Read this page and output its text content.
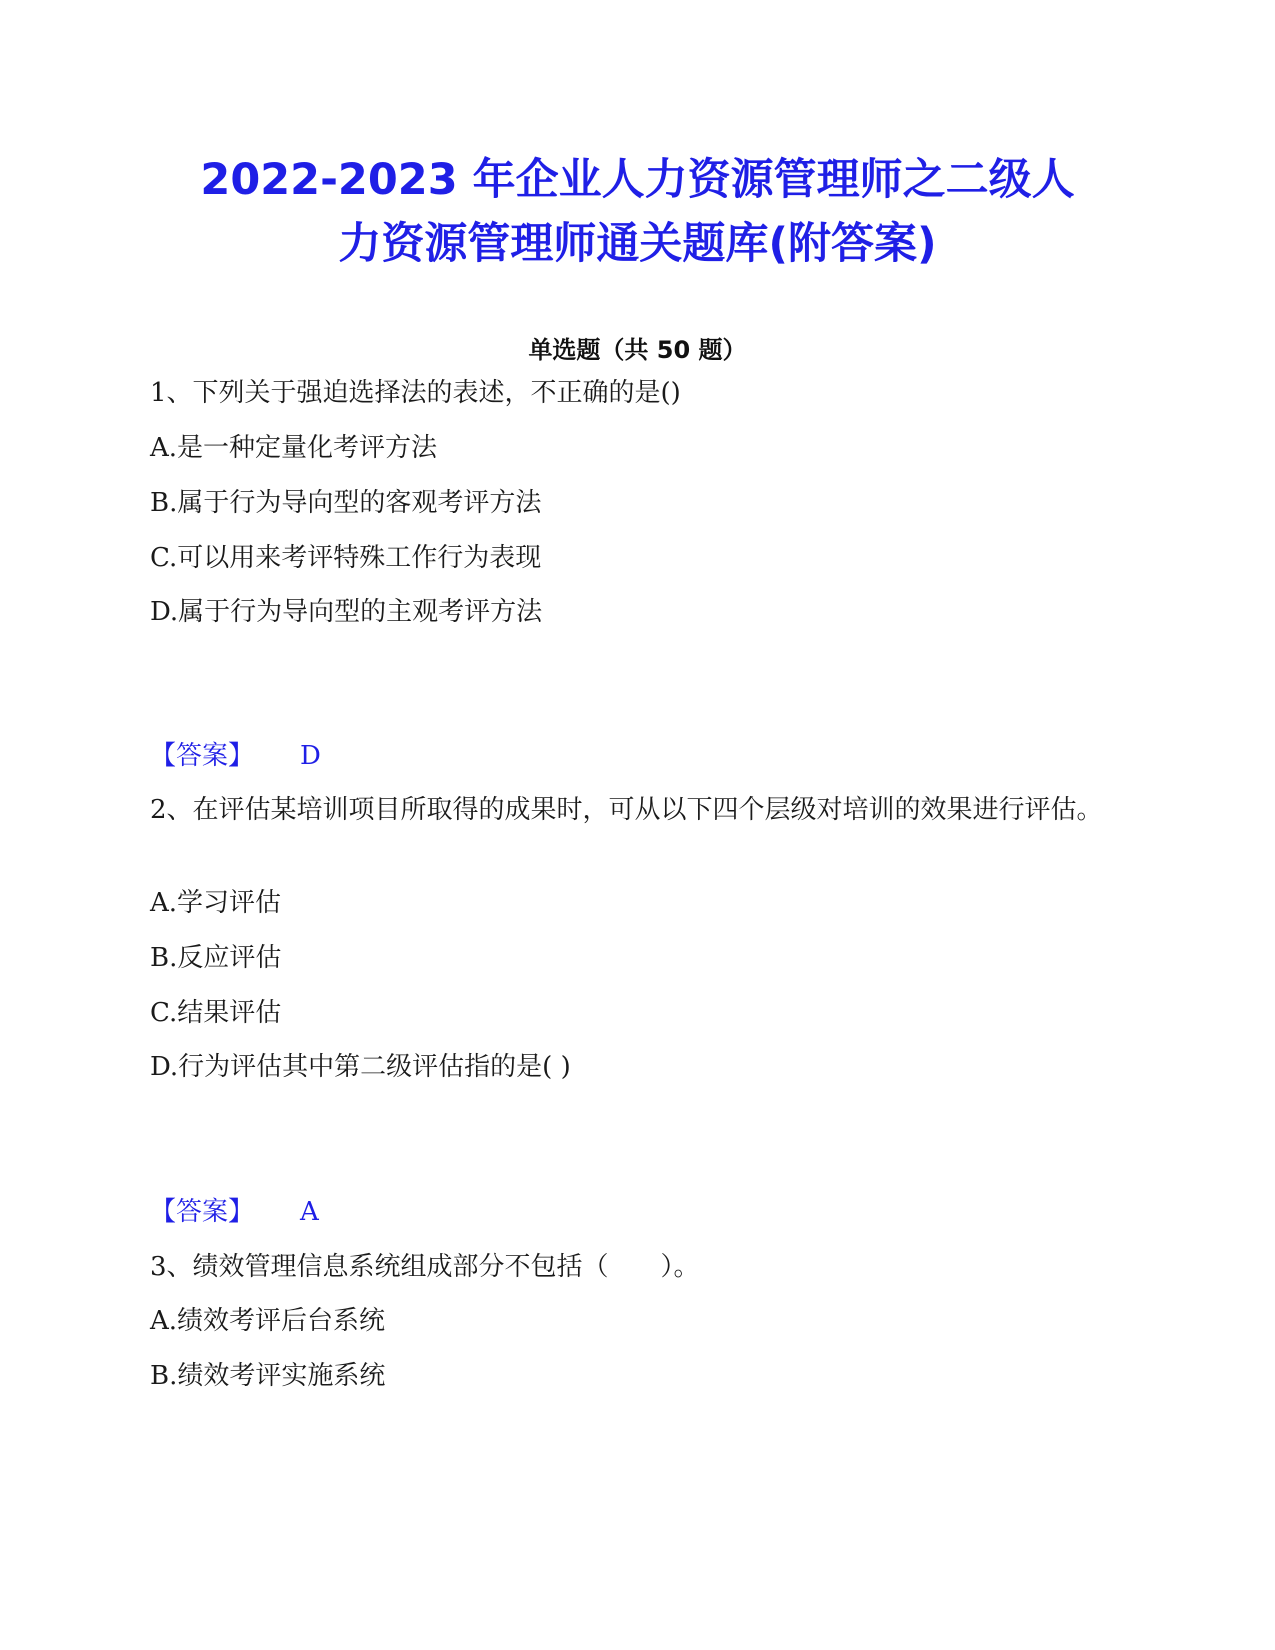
2022-2023 年企业人力资源管理师之二级人
力资源管理师通关题库(附答案)
单选题（共 50 题）
1、下列关于强迫选择法的表述，不正确的是()
A.是一种定量化考评方法
B.属于行为导向型的客观考评方法
C.可以用来考评特殊工作行为表现
D.属于行为导向型的主观考评方法
【答案】 D
2、在评估某培训项目所取得的成果时，可从以下四个层级对培训的效果进行评估。
A.学习评估
B.反应评估
C.结果评估
D.行为评估其中第二级评估指的是( )
【答案】 A
3、绩效管理信息系统组成部分不包括（　　）。
A.绩效考评后台系统
B.绩效考评实施系统
